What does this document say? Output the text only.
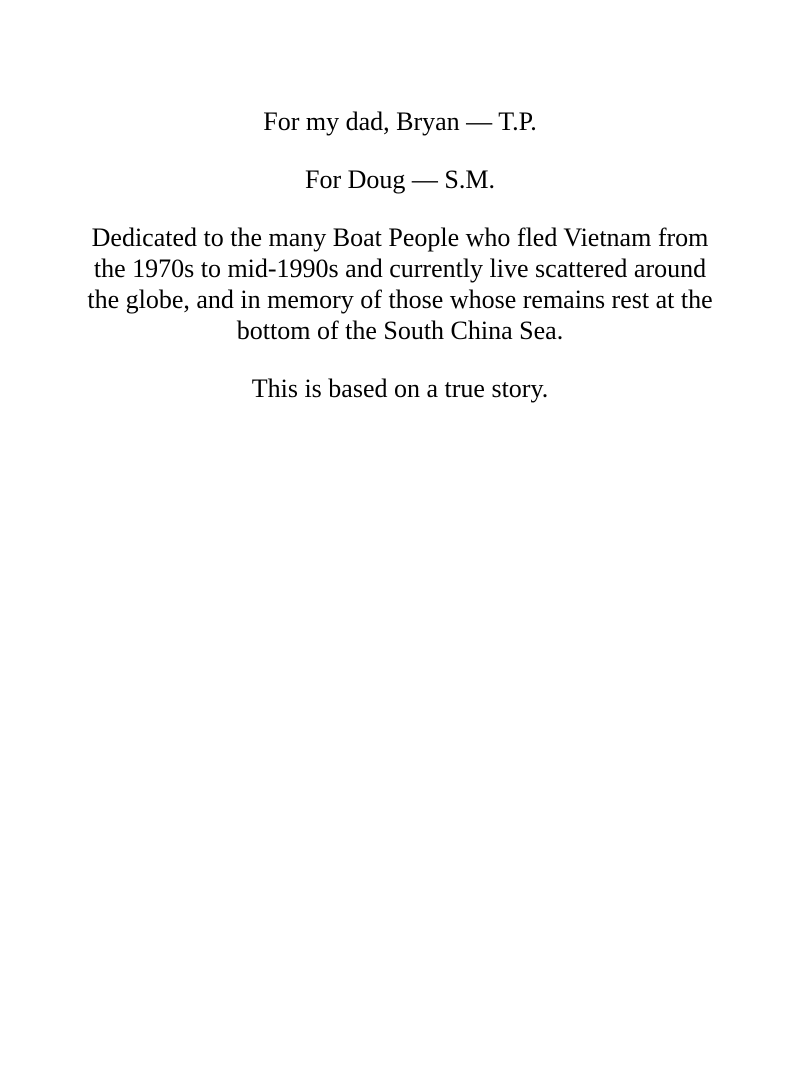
For my dad, Bryan — T.P.

For Doug — S.M.

Dedicated to the many Boat People who fled Vietnam from
the 1970s to mid-1990s and currently live scattered around
the globe, and in memory of those whose remains rest at the
bottom of the South China Sea.

This is based on a true story.
